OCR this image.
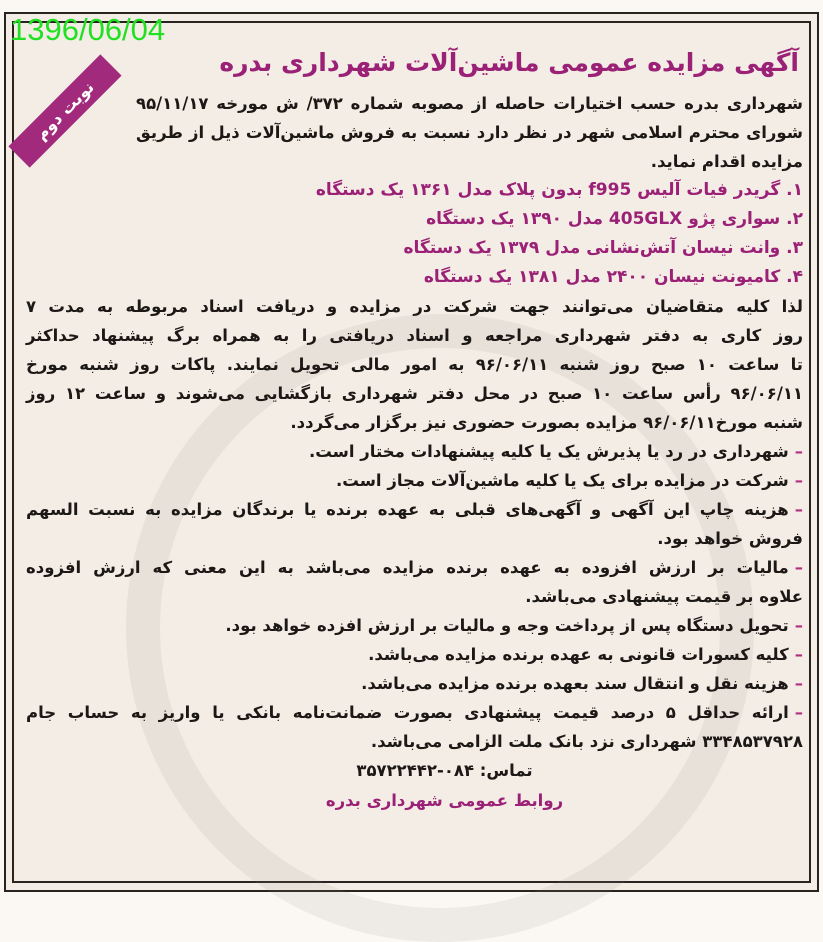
آگهی مزایده عمومی ماشین‌آلات شهرداری بدره
شهرداری بدره حسب اختیارات حاصله از مصوبه شماره ۳۷۲/ ش مورخه ۹۵/۱۱/۱۷
شورای محترم اسلامی شهر در نظر دارد نسبت به فروش ماشین‌آلات ذیل از طریق
مزایده اقدام نماید.
۱. گریدر فیات آلیس f995 بدون پلاک مدل ۱۳۶۱ یک دستگاه
۲. سواری پژو 405GLX مدل ۱۳۹۰ یک دستگاه
۳. وانت نیسان آتش‌نشانی مدل ۱۳۷۹ یک دستگاه
۴. کامیونت نیسان ۲۴۰۰ مدل ۱۳۸۱ یک دستگاه
لذا کلیه متقاضیان می‌توانند جهت شرکت در مزایده و دریافت اسناد مربوطه به مدت ۷
روز کاری به دفتر شهرداری مراجعه و اسناد دریافتی را به همراه برگ پیشنهاد حداکثر
تا ساعت ۱۰ صبح روز شنبه ۹۶/۰۶/۱۱ به امور مالی تحویل نمایند. پاکات روز شنبه مورخ
۹۶/۰۶/۱۱ رأس ساعت ۱۰ صبح در محل دفتر شهرداری بازگشایی می‌شوند و ساعت ۱۲ روز
شنبه مورخ۹۶/۰۶/۱۱ مزایده بصورت حضوری نیز برگزار می‌گردد.
–شهرداری در رد یا پذیرش یک یا کلیه پیشنهادات مختار است.
–شرکت در مزایده برای یک یا کلیه ماشین‌آلات مجاز است.
–هزینه چاپ این آگهی و آگهی‌های قبلی به عهده برنده یا برندگان مزایده به نسبت السهم
فروش خواهد بود.
–مالیات بر ارزش افزوده به عهده برنده مزایده می‌باشد به این معنی که ارزش افزوده
علاوه بر قیمت پیشنهادی می‌باشد.
–تحویل دستگاه پس از پرداخت وجه و مالیات بر ارزش افزده خواهد بود.
–کلیه کسورات قانونی به عهده برنده مزایده می‌باشد.
–هزینه نقل و انتقال سند بعهده برنده مزایده می‌باشد.
–ارائه حداقل ۵ درصد قیمت پیشنهادی بصورت ضمانت‌نامه بانکی یا واریز به حساب جام
۳۳۴۸۵۳۷۹۲۸ شهرداری نزد بانک ملت الزامی می‌باشد.
تماس: ۰۸۴-۳۵۷۲۲۴۴۲
روابط عمومی شهرداری بدره
نوبت دوم
1396/06/04
